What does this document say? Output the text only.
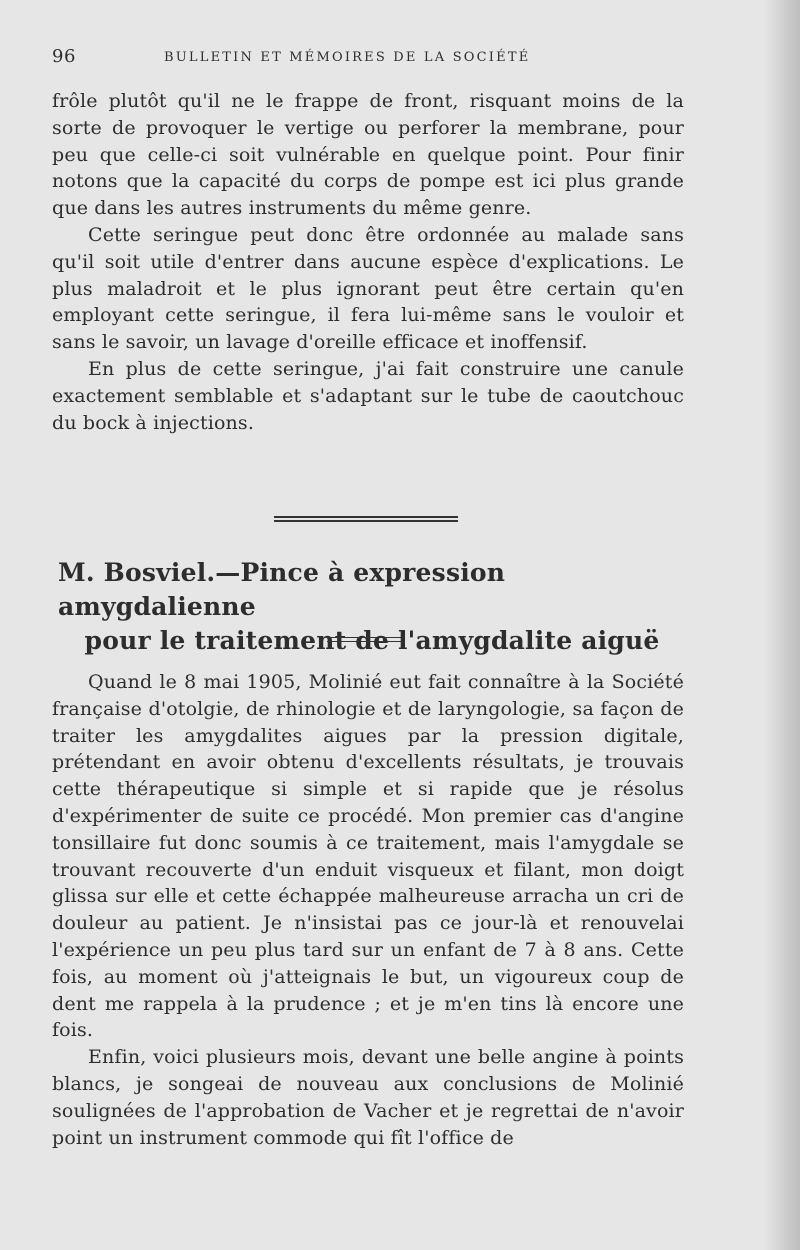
96	BULLETIN ET MÉMOIRES DE LA SOCIÉTÉ

frôle plutôt qu'il ne le frappe de front, risquant moins de la sorte de provoquer le vertige ou perforer la membrane, pour peu que celle-ci soit vulnérable en quelque point. Pour finir notons que la capacité du corps de pompe est ici plus grande que dans les autres instruments du même genre.

Cette seringue peut donc être ordonnée au malade sans qu'il soit utile d'entrer dans aucune espèce d'explications. Le plus maladroit et le plus ignorant peut être certain qu'en employant cette seringue, il fera lui-même sans le vouloir et sans le savoir, un lavage d'oreille efficace et inoffensif.

En plus de cette seringue, j'ai fait construire une canule exactement semblable et s'adaptant sur le tube de caoutchouc du bock à injections.

M. Bosviel.—Pince à expression amygdalienne
pour le traitement de l'amygdalite aiguë

Quand le 8 mai 1905, Molinié eut fait connaître à la Société française d'otolgie, de rhinologie et de laryngologie, sa façon de traiter les amygdalites aigues par la pression digitale, prétendant en avoir obtenu d'excellents résultats, je trouvais cette thérapeutique si simple et si rapide que je résolus d'expérimenter de suite ce procédé. Mon premier cas d'angine tonsillaire fut donc soumis à ce traitement, mais l'amygdale se trouvant recouverte d'un enduit visqueux et filant, mon doigt glissa sur elle et cette échappée malheureuse arracha un cri de douleur au patient. Je n'insistai pas ce jour-là et renouvelai l'expérience un peu plus tard sur un enfant de 7 à 8 ans. Cette fois, au moment où j'atteignais le but, un vigoureux coup de dent me rappela à la prudence ; et je m'en tins là encore une fois.

Enfin, voici plusieurs mois, devant une belle angine à points blancs, je songeai de nouveau aux conclusions de Molinié soulignées de l'approbation de Vacher et je regrettai de n'avoir point un instrument commode qui fît l'office de
